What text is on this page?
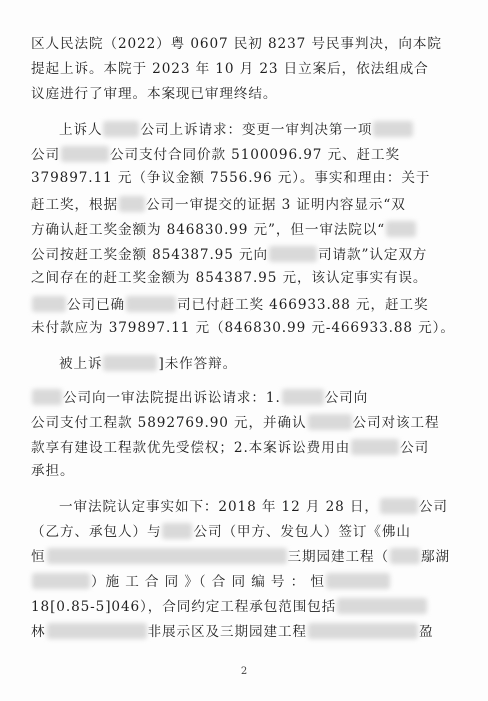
区人民法院（2022）粤 0607 民初 8237 号民事判决，向本院
提起上诉。本院于 2023 年 10 月 23 日立案后，依法组成合
议庭进行了审理。本案现已审理终结。
上诉人	公司上诉请求：变更一审判决第一项
公司	公司支付合同价款 5100096.97 元、赶工奖
379897.11 元（争议金额 7556.96 元）。事实和理由：关于
赶工奖，根据 公司一审提交的证据 3 证明内容显示“双
方确认赶工奖金额为 846830.99 元”，但一审法院以“
公司按赶工奖金额 854387.95 元向	司请款”认定双方
之间存在的赶工奖金额为 854387.95 元，该认定事实有误。
公司已确	司已付赶工奖 466933.88 元，赶工奖
未付款应为 379897.11 元（846830.99 元-466933.88 元）。
被上诉	]未作答辩。
公司向一审法院提出诉讼请求：1.	公司向
公司支付工程款 5892769.90 元，并确认	公司对该工程
款享有建设工程款优先受偿权；2.本案诉讼费用由	公司
承担。
一审法院认定事实如下：2018 年 12 月 28 日，	公司
（乙方、承包人）与 公司（甲方、发包人）签订《佛山
恒	三期园建工程（ 鄢湖
）施 工 合 同 》（ 合 同 编 号 ： 恒
18[0.85-5]046），合同约定工程承包范围包括
林	非展示区及三期园建工程	盈
2
